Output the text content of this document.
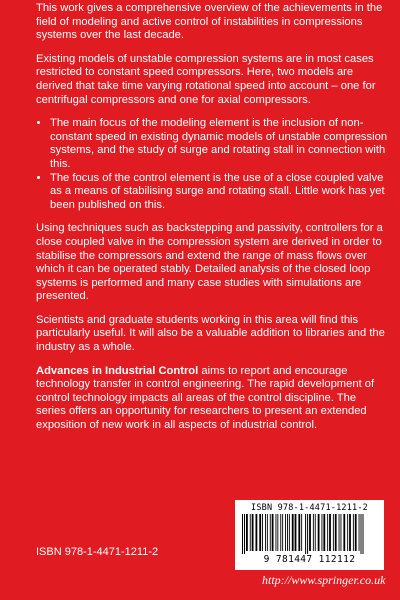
This work gives a comprehensive overview of the achievements in the field of modeling and active control of instabilities in compressions systems over the last decade.

Existing models of unstable compression systems are in most cases restricted to constant speed compressors. Here, two models are derived that take time varying rotational speed into account – one for centrifugal compressors and one for axial compressors.

• The main focus of the modeling element is the inclusion of non-constant speed in existing dynamic models of unstable compression systems, and the study of surge and rotating stall in connection with this.
• The focus of the control element is the use of a close coupled valve as a means of stabilising surge and rotating stall. Little work has yet been published on this.

Using techniques such as backstepping and passivity, controllers for a close coupled valve in the compression system are derived in order to stabilise the compressors and extend the range of mass flows over which it can be operated stably. Detailed analysis of the closed loop systems is performed and many case studies with simulations are presented.

Scientists and graduate students working in this area will find this particularly useful. It will also be a valuable addition to libraries and the industry as a whole.

Advances in Industrial Control aims to report and encourage technology transfer in control engineering. The rapid development of control technology impacts all areas of the control discipline. The series offers an opportunity for researchers to present an extended exposition of new work in all aspects of industrial control.

ISBN 978-1-4471-1211-2
ISBN 978-1-4471-1211-2
9 781447 112112
http://www.springer.co.uk
